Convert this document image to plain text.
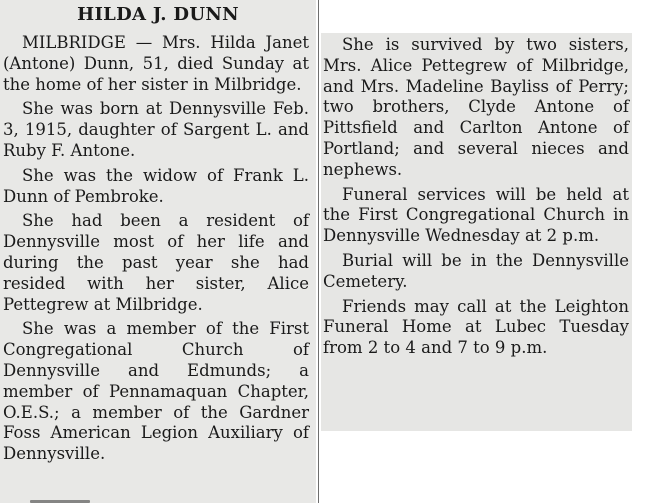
HILDA J. DUNN

MILBRIDGE — Mrs. Hilda Janet (Antone) Dunn, 51, died Sunday at the home of her sister in Milbridge.

She was born at Dennysville Feb. 3, 1915, daughter of Sargent L. and Ruby F. Antone.

She was the widow of Frank L. Dunn of Pembroke.

She had been a resident of Dennysville most of her life and during the past year she had resided with her sister, Alice Pettegrew at Milbridge.

She was a member of the First Congregational Church of Dennysville and Edmunds; a member of Pennamaquan Chapter, O.E.S.; a member of the Gardner Foss American Legion Auxiliary of Dennysville.

She is survived by two sisters, Mrs. Alice Pettegrew of Milbridge, and Mrs. Madeline Bayliss of Perry; two brothers, Clyde Antone of Pittsfield and Carlton Antone of Portland; and several nieces and nephews.

Funeral services will be held at the First Congregational Church in Dennysville Wednesday at 2 p.m.

Burial will be in the Dennysville Cemetery.

Friends may call at the Leighton Funeral Home at Lubec Tuesday from 2 to 4 and 7 to 9 p.m.
